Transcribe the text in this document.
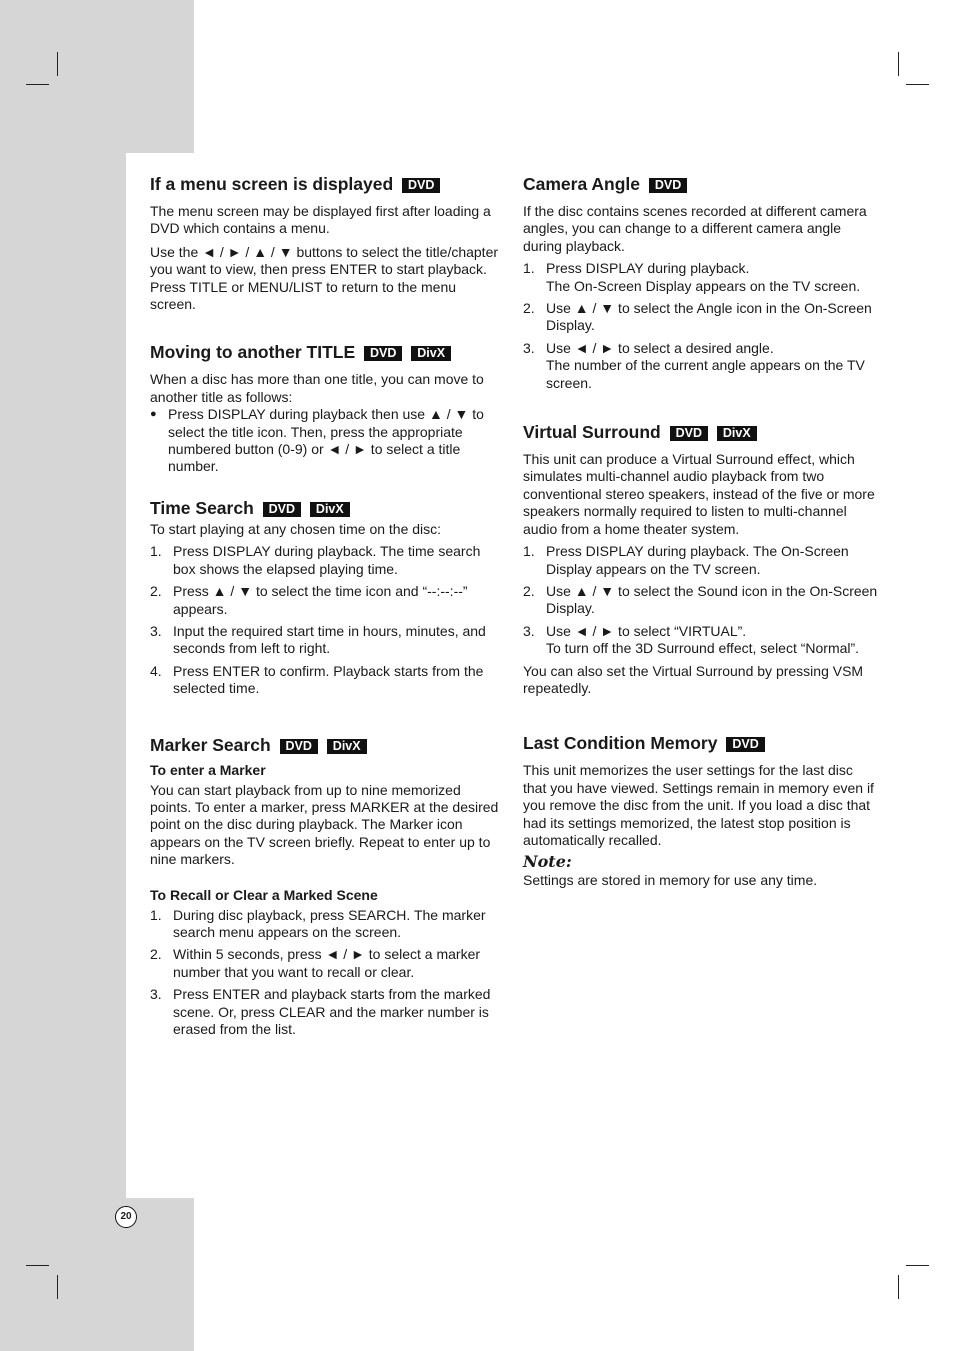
20
If a menu screen is displayed DVD

The menu screen may be displayed first after loading a DVD which contains a menu.

Use the ◄ / ► / ▲ / ▼ buttons to select the title/chapter you want to view, then press ENTER to start playback.

Press TITLE or MENU/LIST to return to the menu screen.

Moving to another TITLE DVD DivX

When a disc has more than one title, you can move to another title as follows:

● Press DISPLAY during playback then use ▲ / ▼ to select the title icon. Then, press the appropriate numbered button (0-9) or ◄ / ► to select a title number.
Time Search DVD DivX

To start playing at any chosen time on the disc:

1. Press DISPLAY during playback. The time search box shows the elapsed playing time.
2. Press ▲ / ▼ to select the time icon and “--:--:--” appears.
3. Input the required start time in hours, minutes, and seconds from left to right.
4. Press ENTER to confirm. Playback starts from the selected time.
Marker Search DVD DivX
To enter a Marker

You can start playback from up to nine memorized points. To enter a marker, press MARKER at the desired point on the disc during playback. The Marker icon appears on the TV screen briefly. Repeat to enter up to nine markers.

To Recall or Clear a Marked Scene
1. During disc playback, press SEARCH. The marker search menu appears on the screen.
2. Within 5 seconds, press ◄ / ► to select a marker number that you want to recall or clear.
3. Press ENTER and playback starts from the marked scene. Or, press CLEAR and the marker number is erased from the list.
Camera Angle DVD

If the disc contains scenes recorded at different camera angles, you can change to a different camera angle during playback.

1. Press DISPLAY during playback.
The On-Screen Display appears on the TV screen.
2. Use ▲ / ▼ to select the Angle icon in the On-Screen Display.
3. Use ◄ / ► to select a desired angle.
The number of the current angle appears on the TV screen.
Virtual Surround DVD DivX

This unit can produce a Virtual Surround effect, which simulates multi-channel audio playback from two conventional stereo speakers, instead of the five or more speakers normally required to listen to multi-channel audio from a home theater system.

1. Press DISPLAY during playback. The On-Screen Display appears on the TV screen.
2. Use ▲ / ▼ to select the Sound icon in the On-Screen Display.
3. Use ◄ / ► to select “VIRTUAL”.
To turn off the 3D Surround effect, select “Normal”.

You can also set the Virtual Surround by pressing VSM repeatedly.

Last Condition Memory DVD

This unit memorizes the user settings for the last disc that you have viewed. Settings remain in memory even if you remove the disc from the unit. If you load a disc that had its settings memorized, the latest stop position is automatically recalled.

Note:

Settings are stored in memory for use any time.
